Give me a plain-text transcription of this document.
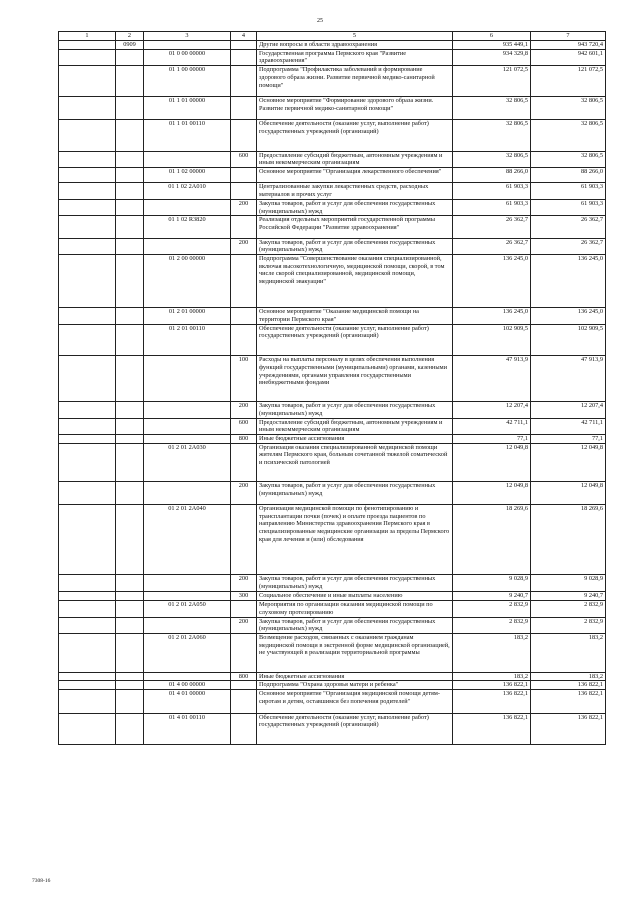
25
1	2	3	4	5	6	7
	0909			Другие вопросы в области здравоохранения	935 449,1	943 720,4
		01 0 00 00000		Государственная программа Пермского края "Развитие здравоохранения"	934 329,8	942 601,1
		01 1 00 00000		Подпрограмма "Профилактика заболеваний и формирование здорового образа жизни. Развитие первичной медико-санитарной помощи"	121 072,5	121 072,5
		01 1 01 00000		Основное мероприятие "Формирование здорового образа жизни. Развитие первичной медико-санитарной помощи"	32 806,5	32 806,5
		01 1 01 00110		Обеспечение деятельности (оказание услуг, выполнение работ) государственных учреждений (организаций)	32 806,5	32 806,5
			600	Предоставление субсидий бюджетным, автономным учреждениям и иным некоммерческим организациям	32 806,5	32 806,5
		01 1 02 00000		Основное мероприятие "Организация лекарственного обеспечения"	88 266,0	88 266,0
		01 1 02 2А010		Централизованные закупки лекарственных средств, расходных материалов и прочих услуг	61 903,3	61 903,3
			200	Закупка товаров, работ и услуг для обеспечения государственных (муниципальных) нужд	61 903,3	61 903,3
		01 1 02 R3820		Реализация отдельных мероприятий государственной программы Российской Федерации "Развитие здравоохранения"	26 362,7	26 362,7
			200	Закупка товаров, работ и услуг для обеспечения государственных (муниципальных) нужд	26 362,7	26 362,7
		01 2 00 00000		Подпрограмма "Совершенствование оказания специализированной, включая высокотехнологичную, медицинской помощи, скорой, в том числе скорой специализированной, медицинской помощи, медицинской эвакуации"	136 245,0	136 245,0
		01 2 01 00000		Основное мероприятие "Оказание медицинской помощи на территории Пермского края"	136 245,0	136 245,0
		01 2 01 00110		Обеспечение деятельности (оказание услуг, выполнение работ) государственных учреждений (организаций)	102 909,5	102 909,5
			100	Расходы на выплаты персоналу в целях обеспечения выполнения функций государственными (муниципальными) органами, казенными учреждениями, органами управления государственными внебюджетными фондами	47 913,9	47 913,9
			200	Закупка товаров, работ и услуг для обеспечения государственных (муниципальных) нужд	12 207,4	12 207,4
			600	Предоставление субсидий бюджетным, автономным учреждениям и иным некоммерческим организациям	42 711,1	42 711,1
			800	Иные бюджетные ассигнования	77,1	77,1
		01 2 01 2А030		Организация оказания специализированной медицинской помощи жителям Пермского края, больным сочетанной тяжелой соматической и психической патологией	12 049,8	12 049,8
			200	Закупка товаров, работ и услуг для обеспечения государственных (муниципальных) нужд	12 049,8	12 049,8
		01 2 01 2А040		Организация медицинской помощи по фенотипированию и трансплантации почки (почек) и оплате проезда пациентов по направлению Министерства здравоохранения Пермского края в специализированные медицинские организации за пределы Пермского края для лечения и (или) обследования	18 269,6	18 269,6
			200	Закупка товаров, работ и услуг для обеспечения государственных (муниципальных) нужд	9 028,9	9 028,9
			300	Социальное обеспечение и иные выплаты населению	9 240,7	9 240,7
		01 2 01 2А050		Мероприятия по организации оказания медицинской помощи по слуховому протезированию	2 832,9	2 832,9
			200	Закупка товаров, работ и услуг для обеспечения государственных (муниципальных) нужд	2 832,9	2 832,9
		01 2 01 2А060		Возмещение расходов, связанных с оказанием гражданам медицинской помощи в экстренной форме медицинской организацией, не участвующей в реализации территориальной программы	183,2	183,2
			800	Иные бюджетные ассигнования	183,2	183,2
		01 4 00 00000		Подпрограмма "Охрана здоровья матери и ребенка"	136 822,1	136 822,1
		01 4 01 00000		Основное мероприятие "Организация медицинской помощи детям-сиротам и детям, оставшимся без попечения родителей"	136 822,1	136 822,1
		01 4 01 00110		Обеспечение деятельности (оказание услуг, выполнение работ) государственных учреждений (организаций)	136 822,1	136 822,1
7308-16
